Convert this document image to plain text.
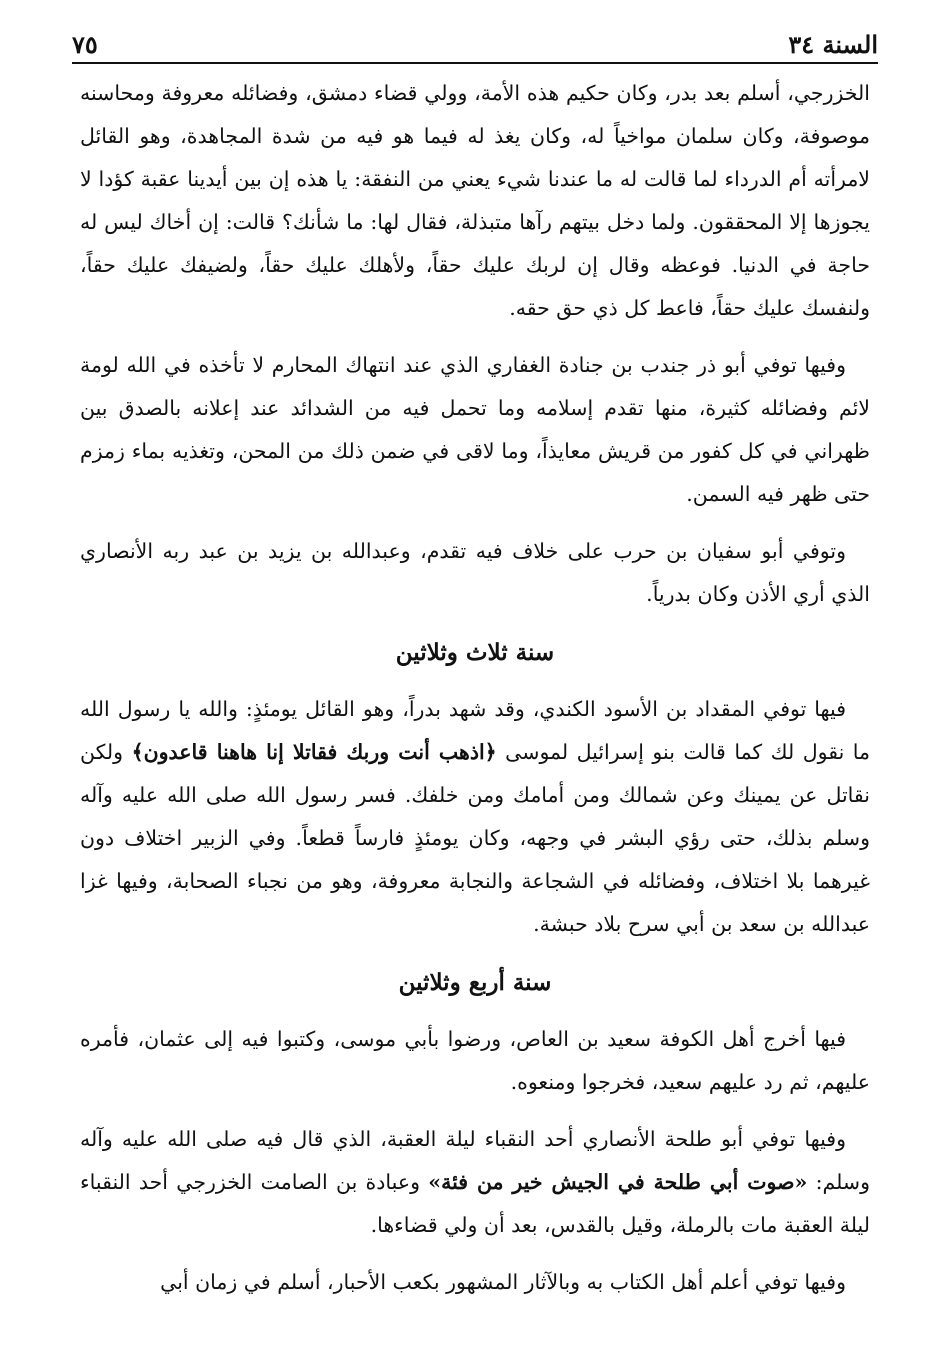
السنة ٣٤
٧٥

الخزرجي، أسلم بعد بدر، وكان حكيم هذه الأمة، وولي قضاء دمشق، وفضائله معروفة ومحاسنه موصوفة، وكان سلمان مواخياً له، وكان يغذ له فيما هو فيه من شدة المجاهدة، وهو القائل لامرأته أم الدرداء لما قالت له ما عندنا شيء يعني من النفقة: يا هذه إن بين أيدينا عقبة كؤدا لا يجوزها إلا المحققون. ولما دخل بيتهم رآها متبذلة، فقال لها: ما شأنك؟ قالت: إن أخاك ليس له حاجة في الدنيا. فوعظه وقال إن لربك عليك حقاً، ولأهلك عليك حقاً، ولضيفك عليك حقاً، ولنفسك عليك حقاً، فاعط كل ذي حق حقه.

وفيها توفي أبو ذر جندب بن جنادة الغفاري الذي عند انتهاك المحارم لا تأخذه في الله لومة لائم وفضائله كثيرة، منها تقدم إسلامه وما تحمل فيه من الشدائد عند إعلانه بالصدق بين ظهراني في كل كفور من قريش معايذاً، وما لاقى في ضمن ذلك من المحن، وتغذيه بماء زمزم حتى ظهر فيه السمن.

وتوفي أبو سفيان بن حرب على خلاف فيه تقدم، وعبدالله بن يزيد بن عبد ربه الأنصاري الذي أري الأذن وكان بدرياً.

سنة ثلاث وثلاثين

فيها توفي المقداد بن الأسود الكندي، وقد شهد بدراً، وهو القائل يومئذٍ: والله يا رسول الله ما نقول لك كما قالت بنو إسرائيل لموسى ﴿اذهب أنت وربك فقاتلا إنا هاهنا قاعدون﴾ ولكن نقاتل عن يمينك وعن شمالك ومن أمامك ومن خلفك. فسر رسول الله صلى الله عليه وآله وسلم بذلك، حتى رؤي البشر في وجهه، وكان يومئذٍ فارساً قطعاً. وفي الزبير اختلاف دون غيرهما بلا اختلاف، وفضائله في الشجاعة والنجابة معروفة، وهو من نجباء الصحابة، وفيها غزا عبدالله بن سعد بن أبي سرح بلاد حبشة.

سنة أربع وثلاثين

فيها أخرج أهل الكوفة سعيد بن العاص، ورضوا بأبي موسى، وكتبوا فيه إلى عثمان، فأمره عليهم، ثم رد عليهم سعيد، فخرجوا ومنعوه.

وفيها توفي أبو طلحة الأنصاري أحد النقباء ليلة العقبة، الذي قال فيه صلى الله عليه وآله وسلم: «صوت أبي طلحة في الجيش خير من فئة» وعبادة بن الصامت الخزرجي أحد النقباء ليلة العقبة مات بالرملة، وقيل بالقدس، بعد أن ولي قضاءها.

وفيها توفي أعلم أهل الكتاب به وبالآثار المشهور بكعب الأحبار، أسلم في زمان أبي
